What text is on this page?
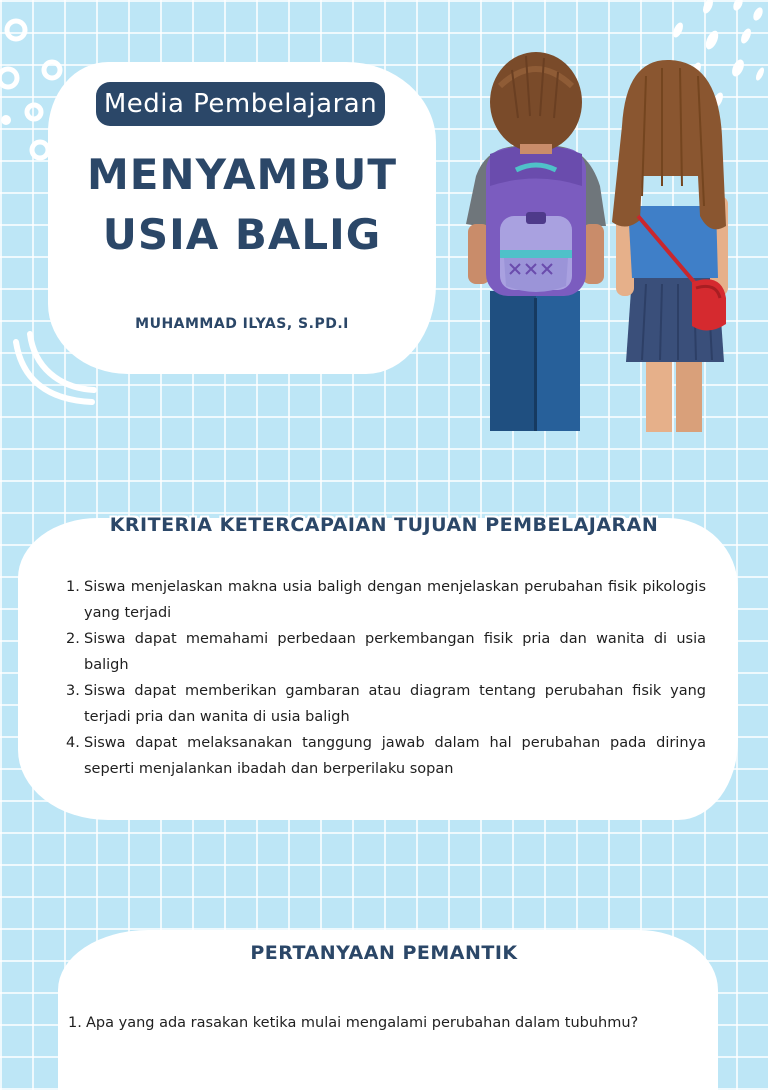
Media Pembelajaran
MENYAMBUT
USIA BALIG
MUHAMMAD ILYAS, S.PD.I
KRITERIA KETERCAPAIAN TUJUAN PEMBELAJARAN
1. Siswa menjelaskan makna usia baligh dengan menjelaskan perubahan fisik pikologis yang terjadi
2. Siswa dapat memahami perbedaan perkembangan fisik pria dan wanita di usia baligh
3. Siswa dapat memberikan gambaran atau diagram tentang perubahan fisik yang terjadi pria dan wanita di usia baligh
4. Siswa dapat melaksanakan tanggung jawab dalam hal perubahan pada dirinya seperti menjalankan ibadah dan berperilaku sopan
PERTANYAAN PEMANTIK
1. Apa yang ada rasakan ketika mulai mengalami perubahan dalam tubuhmu?
